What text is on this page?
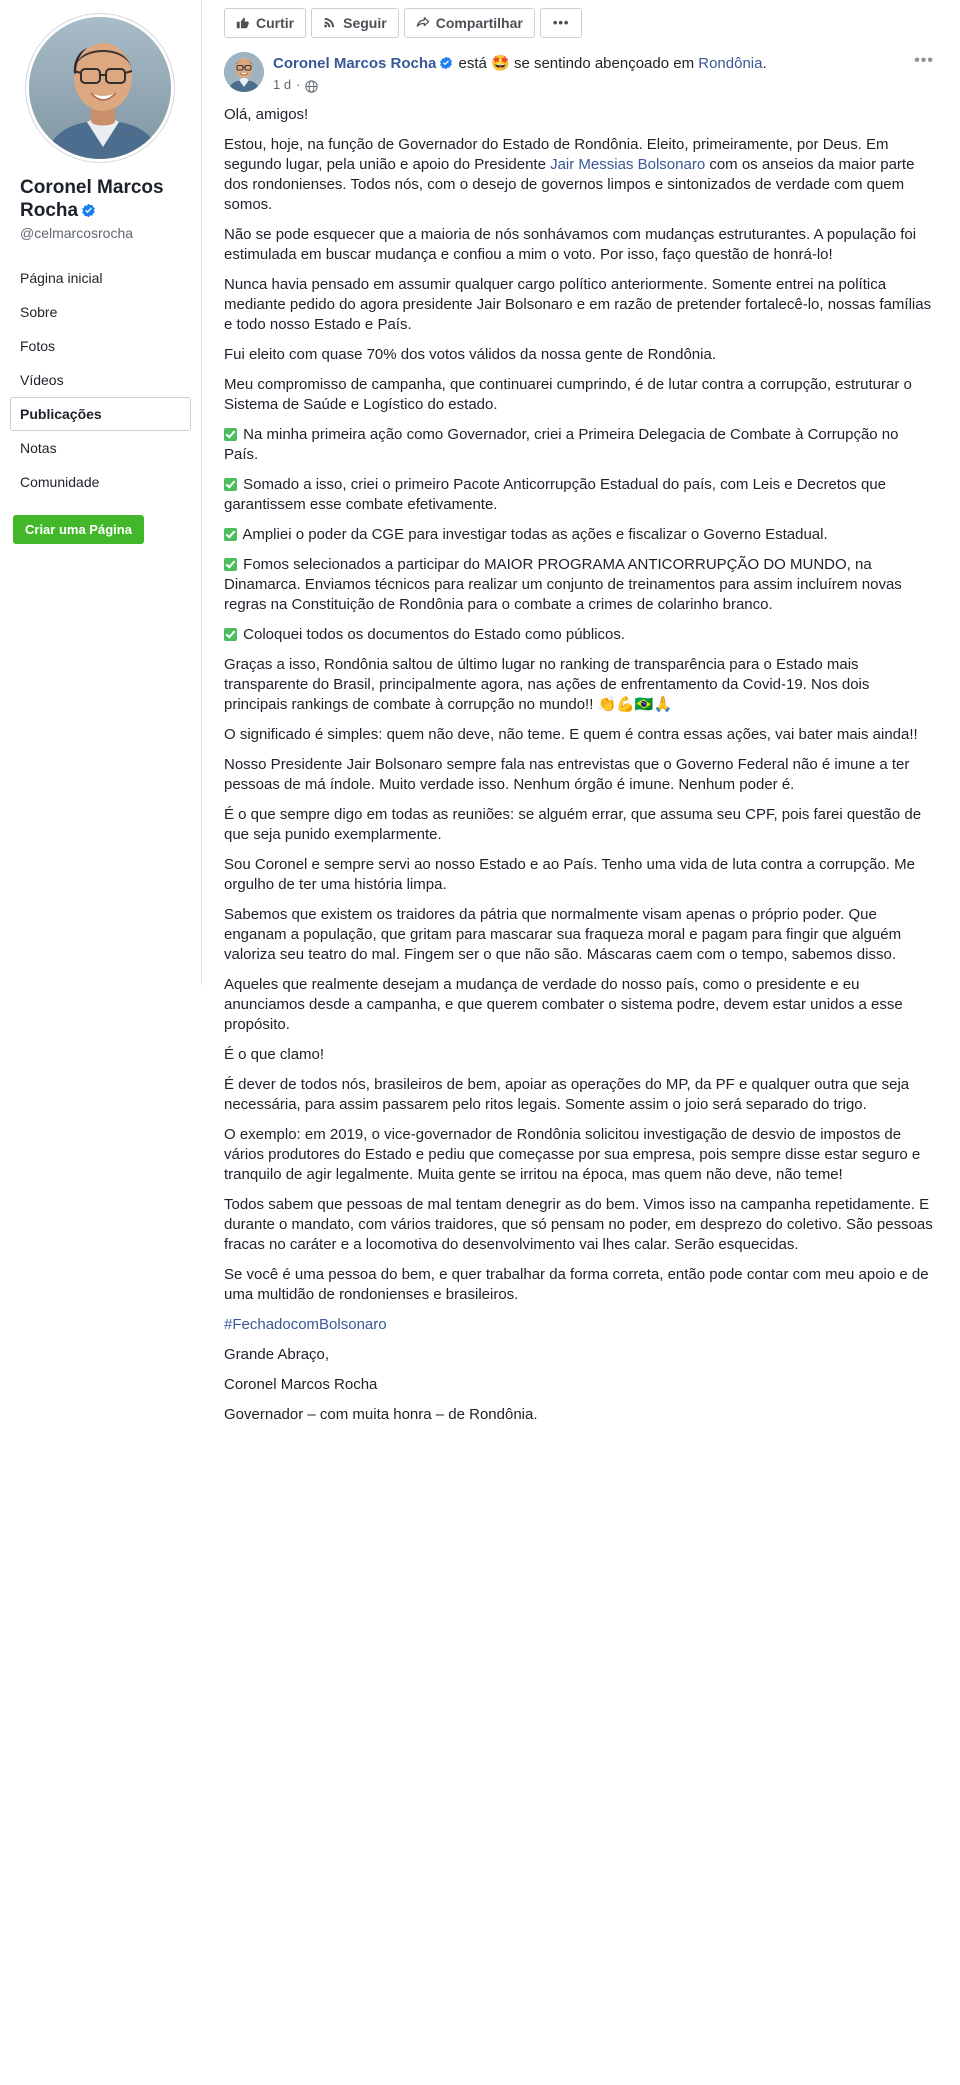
Coronel Marcos Rocha
@celmarcosrocha
Página inicial
Sobre
Fotos
Vídeos
Publicações
Notas
Comunidade
Criar uma Página
Curtir	Seguir	Compartilhar	•••
Coronel Marcos Rocha está 🤩 se sentindo abençoado em Rondônia.
1 d ·
•••

Olá, amigos!

Estou, hoje, na função de Governador do Estado de Rondônia. Eleito, primeiramente, por Deus. Em segundo lugar, pela união e apoio do Presidente Jair Messias Bolsonaro com os anseios da maior parte dos rondonienses. Todos nós, com o desejo de governos limpos e sintonizados de verdade com quem somos.

Não se pode esquecer que a maioria de nós sonhávamos com mudanças estruturantes. A população foi estimulada em buscar mudança e confiou a mim o voto. Por isso, faço questão de honrá-lo!

Nunca havia pensado em assumir qualquer cargo político anteriormente. Somente entrei na política mediante pedido do agora presidente Jair Bolsonaro e em razão de pretender fortalecê-lo, nossas famílias e todo nosso Estado e País.

Fui eleito com quase 70% dos votos válidos da nossa gente de Rondônia.

Meu compromisso de campanha, que continuarei cumprindo, é de lutar contra a corrupção, estruturar o Sistema de Saúde e Logístico do estado.

Na minha primeira ação como Governador, criei a Primeira Delegacia de Combate à Corrupção no País.

Somado a isso, criei o primeiro Pacote Anticorrupção Estadual do país, com Leis e Decretos que garantissem esse combate efetivamente.

Ampliei o poder da CGE para investigar todas as ações e fiscalizar o Governo Estadual.

Fomos selecionados a participar do MAIOR PROGRAMA ANTICORRUPÇÃO DO MUNDO, na Dinamarca. Enviamos técnicos para realizar um conjunto de treinamentos para assim incluírem novas regras na Constituição de Rondônia para o combate a crimes de colarinho branco.

Coloquei todos os documentos do Estado como públicos.

Graças a isso, Rondônia saltou de último lugar no ranking de transparência para o Estado mais transparente do Brasil, principalmente agora, nas ações de enfrentamento da Covid-19. Nos dois principais rankings de combate à corrupção no mundo!! 👏💪🇧🇷🙏

O significado é simples: quem não deve, não teme. E quem é contra essas ações, vai bater mais ainda!!

Nosso Presidente Jair Bolsonaro sempre fala nas entrevistas que o Governo Federal não é imune a ter pessoas de má índole. Muito verdade isso. Nenhum órgão é imune. Nenhum poder é.

É o que sempre digo em todas as reuniões: se alguém errar, que assuma seu CPF, pois farei questão de que seja punido exemplarmente.

Sou Coronel e sempre servi ao nosso Estado e ao País. Tenho uma vida de luta contra a corrupção. Me orgulho de ter uma história limpa.

Sabemos que existem os traidores da pátria que normalmente visam apenas o próprio poder. Que enganam a população, que gritam para mascarar sua fraqueza moral e pagam para fingir que alguém valoriza seu teatro do mal. Fingem ser o que não são. Máscaras caem com o tempo, sabemos disso.

Aqueles que realmente desejam a mudança de verdade do nosso país, como o presidente e eu anunciamos desde a campanha, e que querem combater o sistema podre, devem estar unidos a esse propósito.

É o que clamo!

É dever de todos nós, brasileiros de bem, apoiar as operações do MP, da PF e qualquer outra que seja necessária, para assim passarem pelo ritos legais. Somente assim o joio será separado do trigo.

O exemplo: em 2019, o vice-governador de Rondônia solicitou investigação de desvio de impostos de vários produtores do Estado e pediu que começasse por sua empresa, pois sempre disse estar seguro e tranquilo de agir legalmente. Muita gente se irritou na época, mas quem não deve, não teme!

Todos sabem que pessoas de mal tentam denegrir as do bem. Vimos isso na campanha repetidamente. E durante o mandato, com vários traidores, que só pensam no poder, em desprezo do coletivo. São pessoas fracas no caráter e a locomotiva do desenvolvimento vai lhes calar. Serão esquecidas.

Se você é uma pessoa do bem, e quer trabalhar da forma correta, então pode contar com meu apoio e de uma multidão de rondonienses e brasileiros.

#FechadocomBolsonaro

Grande Abraço,

Coronel Marcos Rocha

Governador – com muita honra – de Rondônia.
